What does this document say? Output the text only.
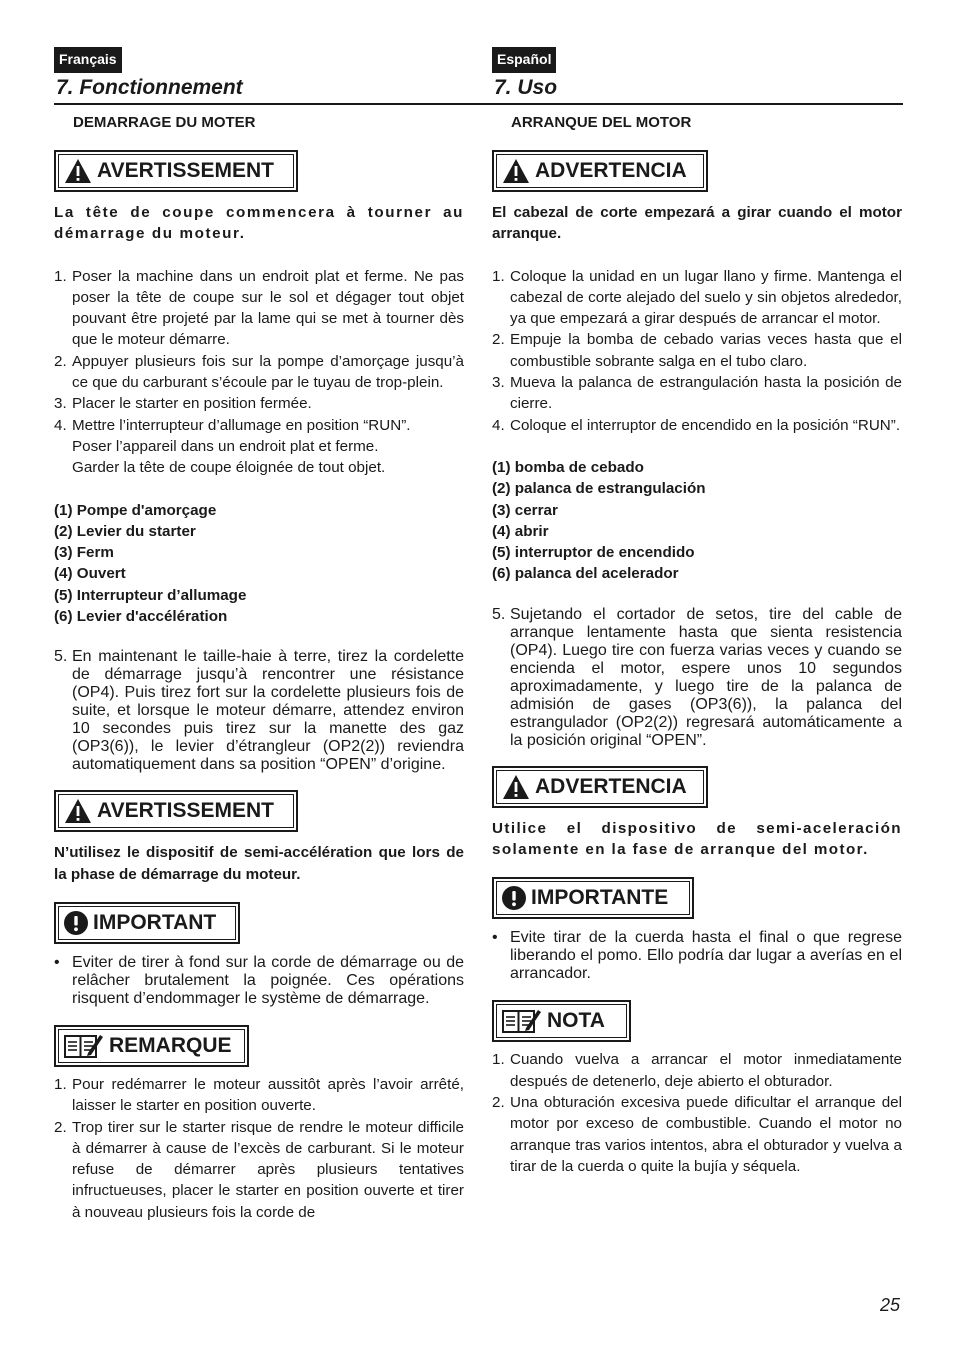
Français
7. Fonctionnement
DEMARRAGE DU MOTER
AVERTISSEMENT

La tête de coupe commencera à tourner au démarrage du moteur.

1. Poser la machine dans un endroit plat et ferme. Ne pas poser la tête de coupe sur le sol et dégager tout objet pouvant être projeté par la lame qui se met à tourner dès que le moteur démarre.
2. Appuyer plusieurs fois sur la pompe d’amorçage jusqu’à ce que du carburant s’écoule par le tuyau de trop-plein.
3. Placer le starter en position fermée.
4. Mettre l’interrupteur d’allumage en position “RUN”.
Poser l’appareil dans un endroit plat et ferme.
Garder la tête de coupe éloignée de tout objet.
(1) Pompe d'amorçage
(2) Levier du starter
(3) Ferm
(4) Ouvert
(5) Interrupteur d’allumage
(6) Levier d'accélération
5. En maintenant le taille-haie à terre, tirez la cordelette de démarrage jusqu’à rencontrer une résistance (OP4). Puis tirez fort sur la cordelette plusieurs fois de suite, et lorsque le moteur démarre, attendez environ 10 secondes puis tirez sur la manette des gaz (OP3(6)), le levier d’étrangleur (OP2(2)) reviendra automatiquement dans sa position “OPEN” d’origine.
AVERTISSEMENT

N’utilisez le dispositif de semi-accélération que lors de la phase de démarrage du moteur.

IMPORTANT
• Eviter de tirer à fond sur la corde de démarrage ou de relâcher brutalement la poignée. Ces opérations risquent d’endommager le système de démarrage.
REMARQUE
1. Pour redémarrer le moteur aussitôt après l’avoir arrêté, laisser le starter en position ouverte.
2. Trop tirer sur le starter risque de rendre le moteur difficile à démarrer à cause de l’excès de carburant. Si le moteur refuse de démarrer après plusieurs tentatives infructueuses, placer le starter en position ouverte et tirer à nouveau plusieurs fois la corde de
Español
7. Uso
ARRANQUE DEL MOTOR
ADVERTENCIA

El cabezal de corte empezará a girar cuando el motor arranque.

1. Coloque la unidad en un lugar llano y firme. Mantenga el cabezal de corte alejado del suelo y sin objetos alrededor, ya que empezará a girar después de arrancar el motor.
2. Empuje la bomba de cebado varias veces hasta que el combustible sobrante salga en el tubo claro.
3. Mueva la palanca de estrangulación hasta la posición de cierre.
4. Coloque el interruptor de encendido en la posición “RUN”.
(1) bomba de cebado
(2) palanca de estrangulación
(3) cerrar
(4) abrir
(5) interruptor de encendido
(6) palanca del acelerador
5. Sujetando el cortador de setos, tire del cable de arranque lentamente hasta que sienta resistencia (OP4). Luego tire con fuerza varias veces y cuando se encienda el motor, espere unos 10 segundos aproximadamente, y luego tire de la palanca de admisión de gases (OP3(6)), la palanca del estrangulador (OP2(2)) regresará automáticamente a la posición original “OPEN”.
ADVERTENCIA

Utilice el dispositivo de semi-aceleración solamente en la fase de arranque del motor.

IMPORTANTE
• Evite tirar de la cuerda hasta el final o que regrese liberando el pomo. Ello podría dar lugar a averías en el arrancador.
NOTA
1. Cuando vuelva a arrancar el motor inmediatamente después de detenerlo, deje abierto el obturador.
2. Una obturación excesiva puede dificultar el arranque del motor por exceso de combustible. Cuando el motor no arranque tras varios intentos, abra el obturador y vuelva a tirar de la cuerda o quite la bujía y séquela.
25
